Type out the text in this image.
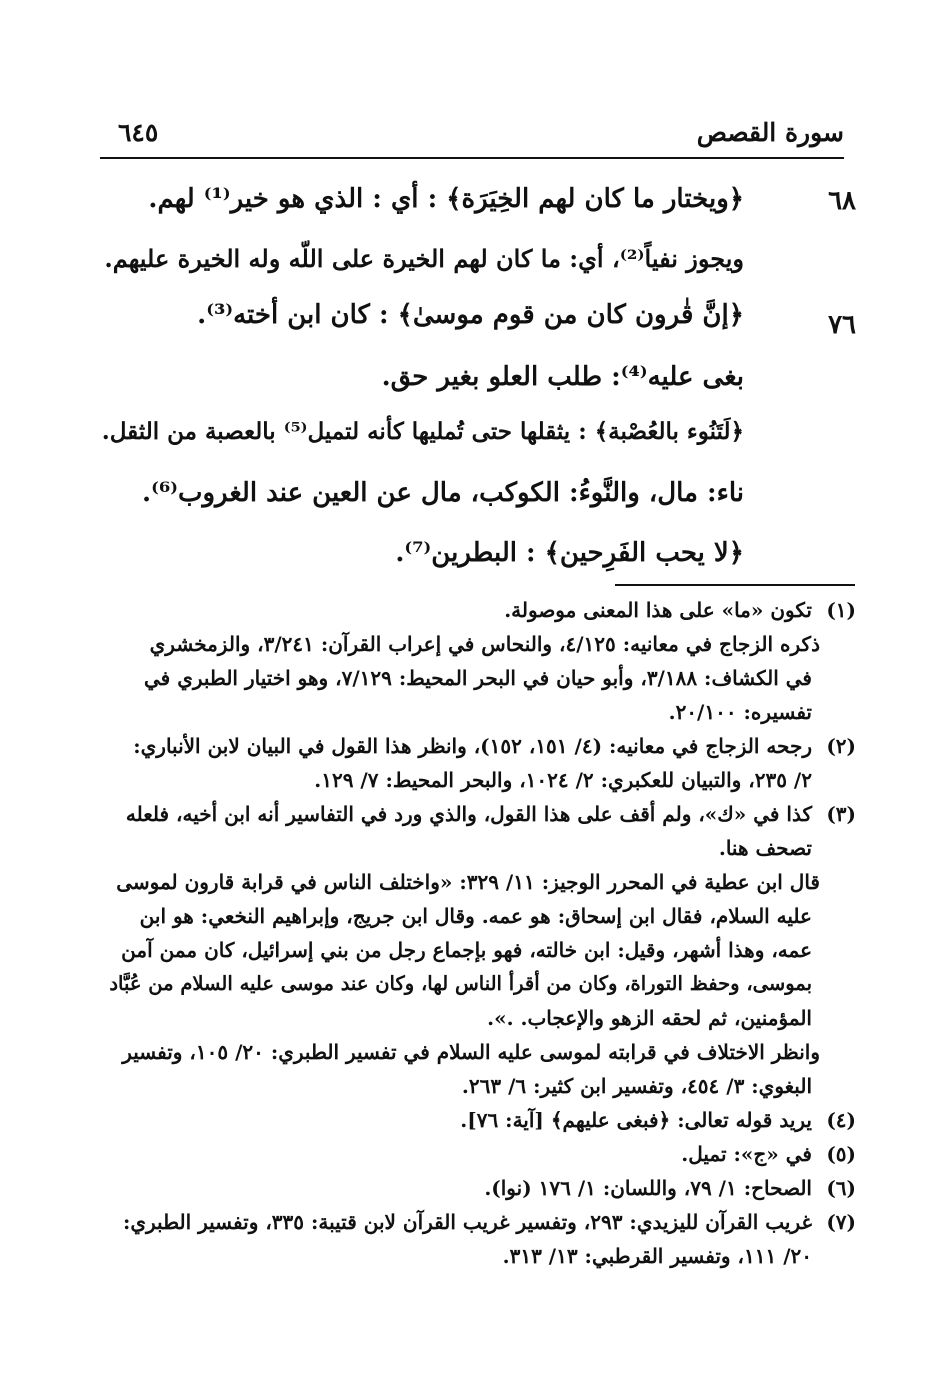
سورة القصص
٦٤٥
٦٨
﴿ويختار ما كان لهم الخِيَرَة﴾ : أي : الذي هو خير⁽¹⁾ لهم.
ويجوز نفياً⁽²⁾، أي: ما كان لهم الخيرة على اللّه وله الخيرة عليهم.
٧٦
﴿إنَّ قٰرون كان من قوم موسىٰ﴾ : كان ابن أخته⁽³⁾.
بغى عليه⁽⁴⁾: طلب العلو بغير حق.
﴿لَتَنُوء بالعُصْبة﴾ : يثقلها حتى تُمليها كأنه لتميل⁽⁵⁾ بالعصبة من الثقل.
ناء: مال، والنَّوءُ: الكوكب، مال عن العين عند الغروب⁽⁶⁾.
﴿لا يحب الفَرِحين﴾ : البطرين⁽⁷⁾.
(١)
تكون «ما» على هذا المعنى موصولة.
ذكره الزجاج في معانيه: ٤/١٢٥، والنحاس في إعراب القرآن: ٣/٢٤١، والزمخشري
في الكشاف: ٣/١٨٨، وأبو حيان في البحر المحيط: ٧/١٢٩، وهو اختيار الطبري في
تفسيره: ٢٠/١٠٠.
(٢)
رجحه الزجاج في معانيه: (٤/ ١٥١، ١٥٢)، وانظر هذا القول في البيان لابن الأنباري:
٢/ ٢٣٥، والتبيان للعكبري: ٢/ ١٠٢٤، والبحر المحيط: ٧/ ١٢٩.
(٣)
كذا في «ك»، ولم أقف على هذا القول، والذي ورد في التفاسير أنه ابن أخيه، فلعله
تصحف هنا.
قال ابن عطية في المحرر الوجيز: ١١/ ٣٢٩: «واختلف الناس في قرابة قارون لموسى
عليه السلام، فقال ابن إسحاق: هو عمه. وقال ابن جريج، وإبراهيم النخعي: هو ابن
عمه، وهذا أشهر، وقيل: ابن خالته، فهو بإجماع رجل من بني إسرائيل، كان ممن آمن
بموسى، وحفظ التوراة، وكان من أقرأ الناس لها، وكان عند موسى عليه السلام من عُبَّاد
المؤمنين، ثم لحقه الزهو والإعجاب. .».
وانظر الاختلاف في قرابته لموسى عليه السلام في تفسير الطبري: ٢٠/ ١٠٥، وتفسير
البغوي: ٣/ ٤٥٤، وتفسير ابن كثير: ٦/ ٢٦٣.
(٤)
يريد قوله تعالى: ﴿فبغى عليهم﴾ [آية: ٧٦].
(٥)
في «ج»: تميل.
(٦)
الصحاح: ١/ ٧٩، واللسان: ١/ ١٧٦ (نوا).
(٧)
غريب القرآن لليزيدي: ٢٩٣، وتفسير غريب القرآن لابن قتيبة: ٣٣٥، وتفسير الطبري:
٢٠/ ١١١، وتفسير القرطبي: ١٣/ ٣١٣.
